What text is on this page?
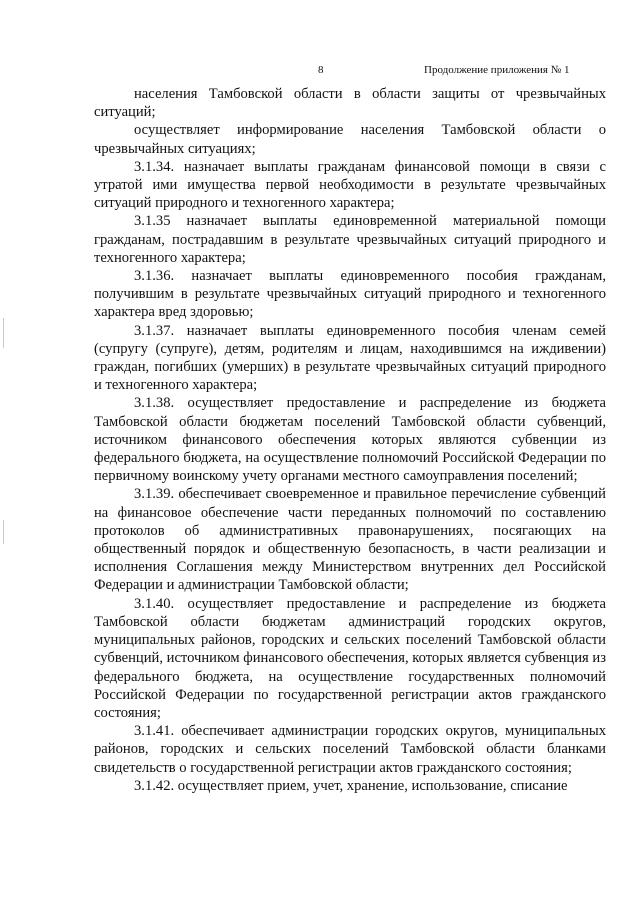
8	Продолжение приложения № 1

населения Тамбовской области в области защиты от чрезвычайных ситуаций;

осуществляет информирование населения Тамбовской области о чрезвычайных ситуациях;

3.1.34. назначает выплаты гражданам финансовой помощи в связи с утратой ими имущества первой необходимости в результате чрезвычайных ситуаций природного и техногенного характера;

3.1.35 назначает выплаты единовременной материальной помощи гражданам, пострадавшим в результате чрезвычайных ситуаций природного и техногенного характера;

3.1.36. назначает выплаты единовременного пособия гражданам, получившим в результате чрезвычайных ситуаций природного и техногенного характера вред здоровью;

3.1.37. назначает выплаты единовременного пособия членам семей (супругу (супруге), детям, родителям и лицам, находившимся на иждивении) граждан, погибших (умерших) в результате чрезвычайных ситуаций природного и техногенного характера;

3.1.38. осуществляет предоставление и распределение из бюджета Тамбовской области бюджетам поселений Тамбовской области субвенций, источником финансового обеспечения которых являются субвенции из федерального бюджета, на осуществление полномочий Российской Федерации по первичному воинскому учету органами местного самоуправления поселений;

3.1.39. обеспечивает своевременное и правильное перечисление субвенций на финансовое обеспечение части переданных полномочий по составлению протоколов об административных правонарушениях, посягающих на общественный порядок и общественную безопасность, в части реализации и исполнения Соглашения между Министерством внутренних дел Российской Федерации и администрации Тамбовской области;

3.1.40. осуществляет предоставление и распределение из бюджета Тамбовской области бюджетам администраций городских округов, муниципальных районов, городских и сельских поселений Тамбовской области субвенций, источником финансового обеспечения, которых является субвенция из федерального бюджета, на осуществление государственных полномочий Российской Федерации по государственной регистрации актов гражданского состояния;

3.1.41. обеспечивает администрации городских округов, муниципальных районов, городских и сельских поселений Тамбовской области бланками свидетельств о государственной регистрации актов гражданского состояния;

3.1.42. осуществляет прием, учет, хранение, использование, списание
